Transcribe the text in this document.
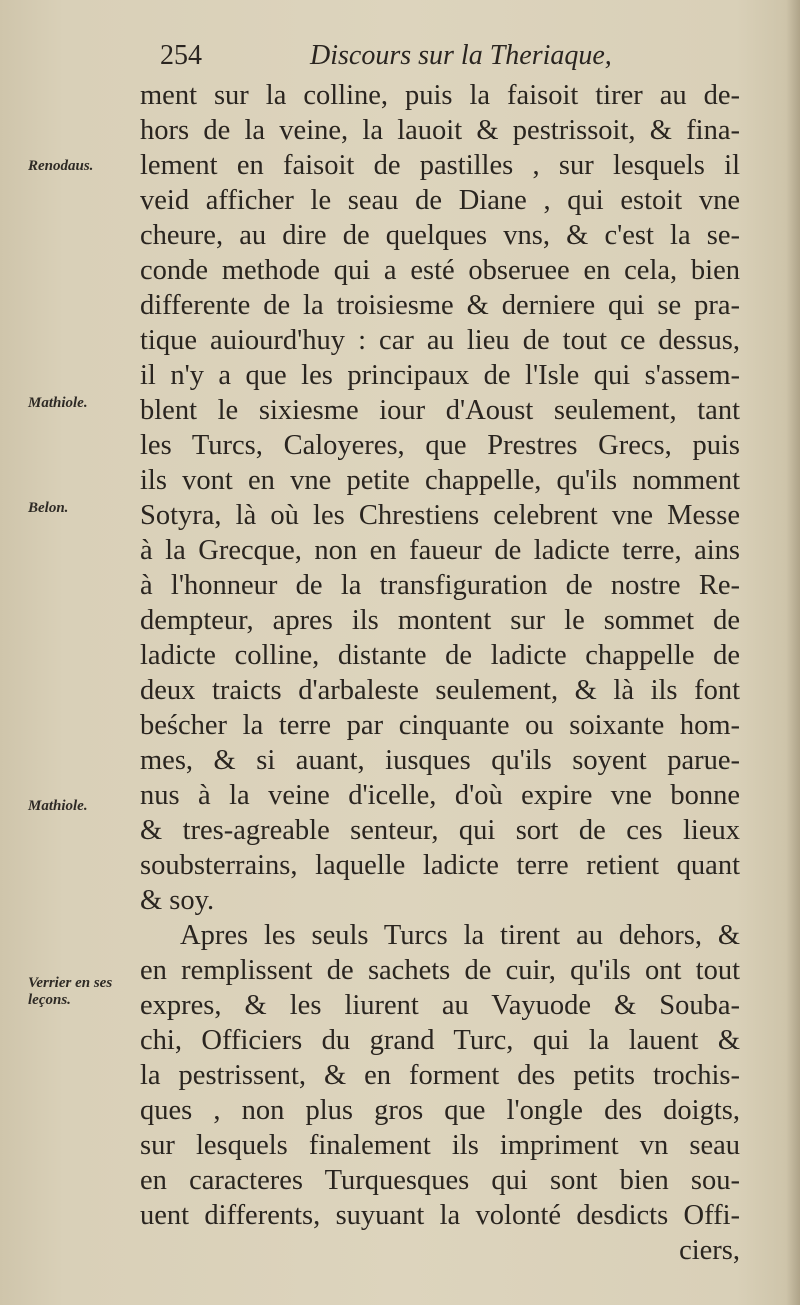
254	Discours sur la Theriaque,
Renodaus.
Mathiole.
Belon.
Mathiole.
Verrier en ses leçons.
ment sur la colline, puis la faisoit tirer au de-
hors de la veine, la lauoit & pestrissoit, & fina-
lement en faisoit de pastilles , sur lesquels il
veid afficher le seau de Diane , qui estoit vne
cheure, au dire de quelques vns, & c'est la se-
conde methode qui a esté obseruee en cela, bien
differente de la troisiesme & derniere qui se pra-
tique auiourd'huy : car au lieu de tout ce dessus,
il n'y a que les principaux de l'Isle qui s'assem-
blent le sixiesme iour d'Aoust seulement, tant
les Turcs, Caloyeres, que Prestres Grecs, puis
ils vont en vne petite chappelle, qu'ils nomment
Sotyra, là où les Chrestiens celebrent vne Messe
à la Grecque, non en faueur de ladicte terre, ains
à l'honneur de la transfiguration de nostre Re-
dempteur, apres ils montent sur le sommet de
ladicte colline, distante de ladicte chappelle de
deux traicts d'arbaleste seulement, & là ils font
beścher la terre par cinquante ou soixante hom-
mes, & si auant, iusques qu'ils soyent parue-
nus à la veine d'icelle, d'où expire vne bonne
& tres-agreable senteur, qui sort de ces lieux
soubsterrains, laquelle ladicte terre retient quant
& soy.
Apres les seuls Turcs la tirent au dehors, &
en remplissent de sachets de cuir, qu'ils ont tout
expres, & les liurent au Vayuode & Souba-
chi, Officiers du grand Turc, qui la lauent &
la pestrissent, & en forment des petits trochis-
ques , non plus gros que l'ongle des doigts,
sur lesquels finalement ils impriment vn seau
en caracteres Turquesques qui sont bien sou-
uent differents, suyuant la volonté desdicts Offi-
ciers,
